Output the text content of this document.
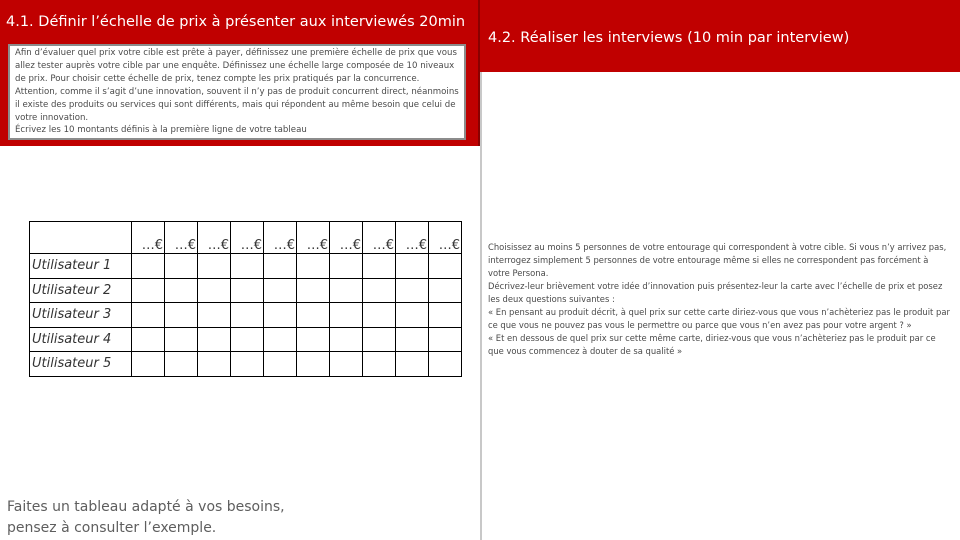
4.1. Définir l’échelle de prix à présenter aux interviewés 20min

Afin d’évaluer quel prix votre cible est prête à payer, définissez une première échelle de prix que vous allez tester auprès votre cible par une enquête. Définissez une échelle large composée de 10 niveaux de prix. Pour choisir cette échelle de prix, tenez compte les prix pratiqués par la concurrence. Attention, comme il s’agit d’une innovation, souvent il n’y pas de produit concurrent direct, néanmoins il existe des produits ou services qui sont différents, mais qui répondent au même besoin que celui de votre innovation.

Écrivez les 10 montants définis à la première ligne de votre tableau

	…€	…€	…€	…€	…€	…€	…€	…€	…€	…€
Utilisateur 1										
Utilisateur 2										
Utilisateur 3										
Utilisateur 4										
Utilisateur 5										
Faites un tableau adapté à vos besoins, pensez à consulter l’exemple.
4.2. Réaliser les interviews (10 min par interview)

Choisissez au moins 5 personnes de votre entourage qui correspondent à votre cible. Si vous n’y arrivez pas, interrogez simplement 5 personnes de votre entourage même si elles ne correspondent pas forcément à votre Persona.

Décrivez-leur brièvement votre idée d’innovation puis présentez-leur la carte avec l’échelle de prix et posez les deux questions suivantes :

« En pensant au produit décrit, à quel prix sur cette carte diriez-vous que vous n’achèteriez pas le produit par ce que vous ne pouvez pas vous le permettre ou parce que vous n’en avez pas pour votre argent ? »

« Et en dessous de quel prix sur cette même carte, diriez-vous que vous n’achèteriez pas le produit par ce que vous commencez à douter de sa qualité »
